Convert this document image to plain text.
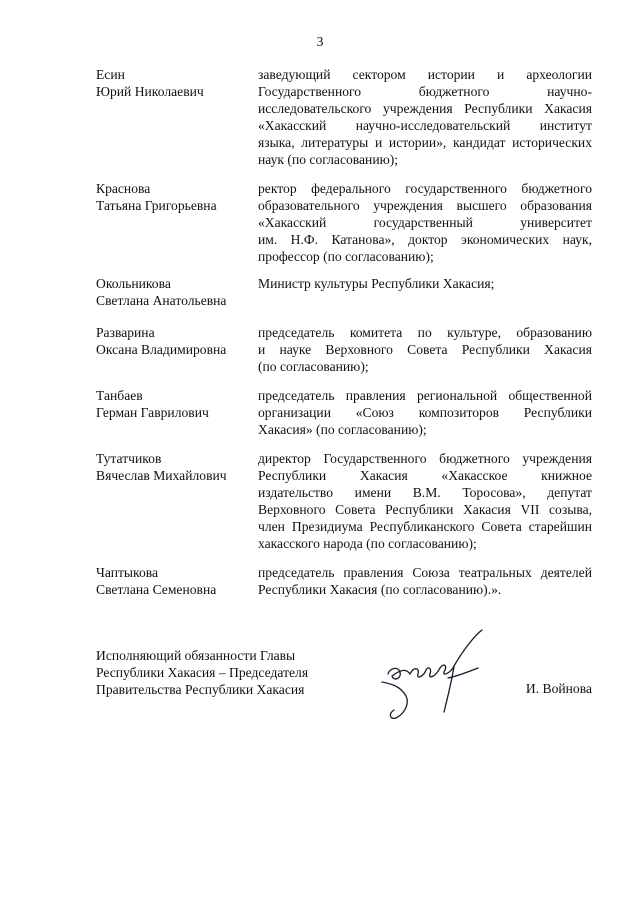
3
Есин
Юрий Николаевич
заведующий сектором истории и археологии
Государственного бюджетного научно-
исследовательского учреждения Республики Хакасия
«Хакасский научно-исследовательский институт
языка, литературы и истории», кандидат исторических
наук (по согласованию);
Краснова
Татьяна Григорьевна
ректор федерального государственного бюджетного
образовательного учреждения высшего образования
«Хакасский государственный университет
им. Н.Ф. Катанова», доктор экономических наук,
профессор (по согласованию);
Окольникова
Светлана Анатольевна
Министр культуры Республики Хакасия;
Разварина
Оксана Владимировна
председатель комитета по культуре, образованию
и науке Верховного Совета Республики Хакасия
(по согласованию);
Танбаев
Герман Гаврилович
председатель правления региональной общественной
организации «Союз композиторов Республики
Хакасия» (по согласованию);
Тутатчиков
Вячеслав Михайлович
директор Государственного бюджетного учреждения
Республики Хакасия «Хакасское книжное
издательство имени В.М. Торосова», депутат
Верховного Совета Республики Хакасия VII созыва,
член Президиума Республиканского Совета старейшин
хакасского народа (по согласованию);
Чаптыкова
Светлана Семеновна
председатель правления Союза театральных деятелей
Республики Хакасия (по согласованию).».
Исполняющий обязанности Главы
Республики Хакасия – Председателя
Правительства Республики Хакасия	И. Войнова
